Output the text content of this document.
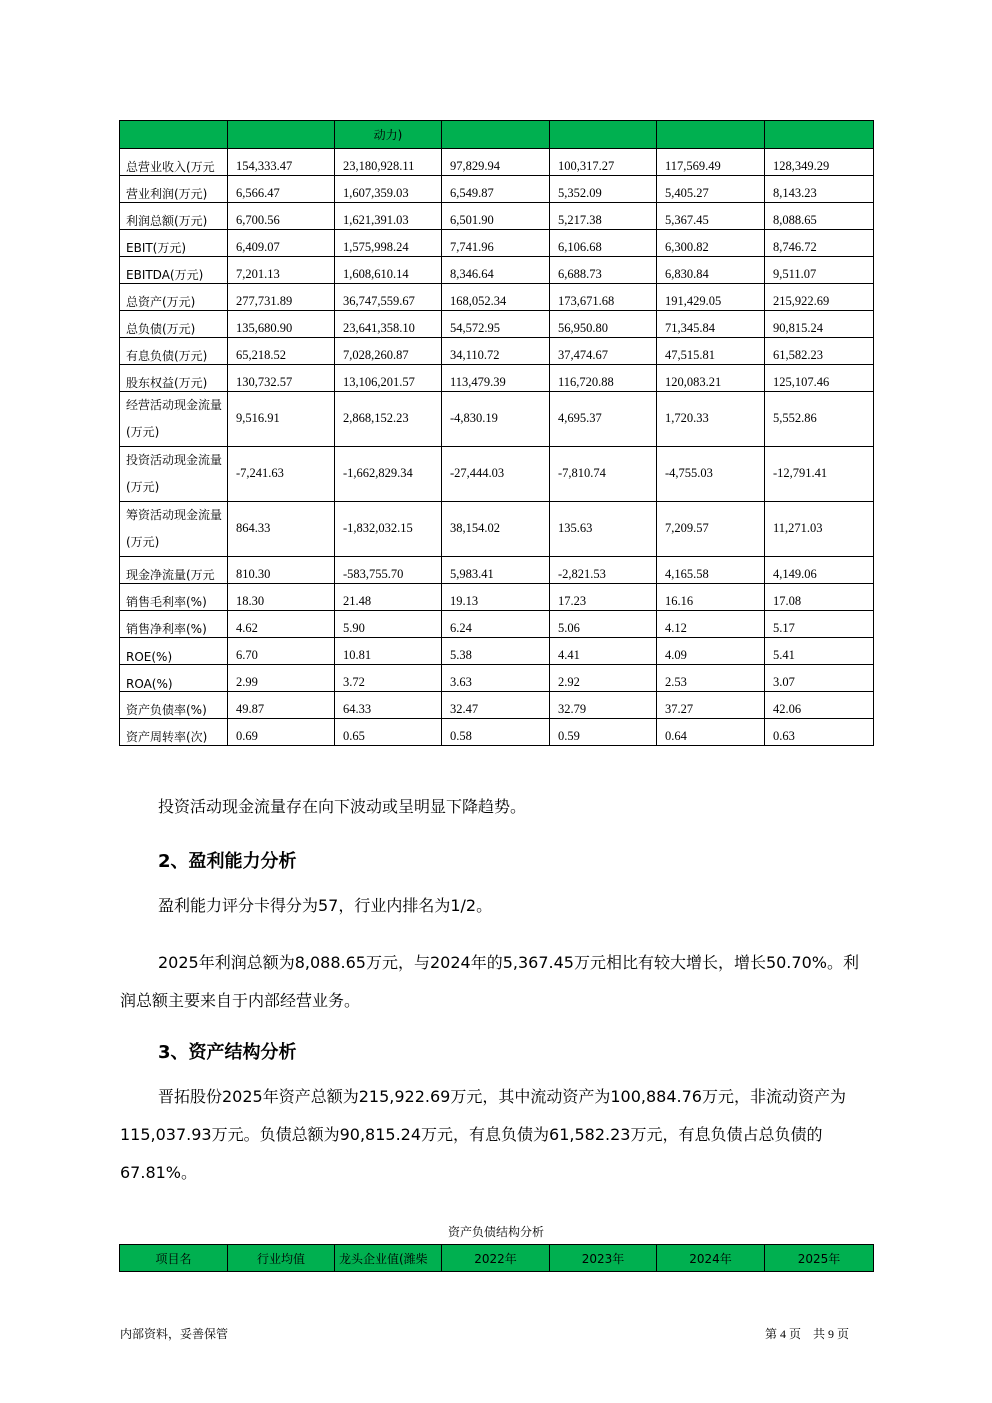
		动力)				
总营业收入(万元	154,333.47	23,180,928.11	97,829.94	100,317.27	117,569.49	128,349.29
营业利润(万元)	6,566.47	1,607,359.03	6,549.87	5,352.09	5,405.27	8,143.23
利润总额(万元)	6,700.56	1,621,391.03	6,501.90	5,217.38	5,367.45	8,088.65
EBIT(万元)	6,409.07	1,575,998.24	7,741.96	6,106.68	6,300.82	8,746.72
EBITDA(万元)	7,201.13	1,608,610.14	8,346.64	6,688.73	6,830.84	9,511.07
总资产(万元)	277,731.89	36,747,559.67	168,052.34	173,671.68	191,429.05	215,922.69
总负债(万元)	135,680.90	23,641,358.10	54,572.95	56,950.80	71,345.84	90,815.24
有息负债(万元)	65,218.52	7,028,260.87	34,110.72	37,474.67	47,515.81	61,582.23
股东权益(万元)	130,732.57	13,106,201.57	113,479.39	116,720.88	120,083.21	125,107.46
经营活动现金流量(万元)	9,516.91	2,868,152.23	-4,830.19	4,695.37	1,720.33	5,552.86
投资活动现金流量(万元)	-7,241.63	-1,662,829.34	-27,444.03	-7,810.74	-4,755.03	-12,791.41
筹资活动现金流量(万元)	864.33	-1,832,032.15	38,154.02	135.63	7,209.57	11,271.03
现金净流量(万元	810.30	-583,755.70	5,983.41	-2,821.53	4,165.58	4,149.06
销售毛利率(%)	18.30	21.48	19.13	17.23	16.16	17.08
销售净利率(%)	4.62	5.90	6.24	5.06	4.12	5.17
ROE(%)	6.70	10.81	5.38	4.41	4.09	5.41
ROA(%)	2.99	3.72	3.63	2.92	2.53	3.07
资产负债率(%)	49.87	64.33	32.47	32.79	37.27	42.06
资产周转率(次)	0.69	0.65	0.58	0.59	0.64	0.63
投资活动现金流量存在向下波动或呈明显下降趋势。
2、盈利能力分析
盈利能力评分卡得分为57，行业内排名为1/2。
2025年利润总额为8,088.65万元，与2024年的5,367.45万元相比有较大增长，增长50.70%。利润总额主要来自于内部经营业务。
3、资产结构分析
晋拓股份2025年资产总额为215,922.69万元，其中流动资产为100,884.76万元，非流动资产为115,037.93万元。负债总额为90,815.24万元，有息负债为61,582.23万元，有息负债占总负债的67.81%。
资产负债结构分析
项目名	行业均值	龙头企业值(潍柴	2022年	2023年	2024年	2025年
内部资料，妥善保管	第 4 页　共 9 页
